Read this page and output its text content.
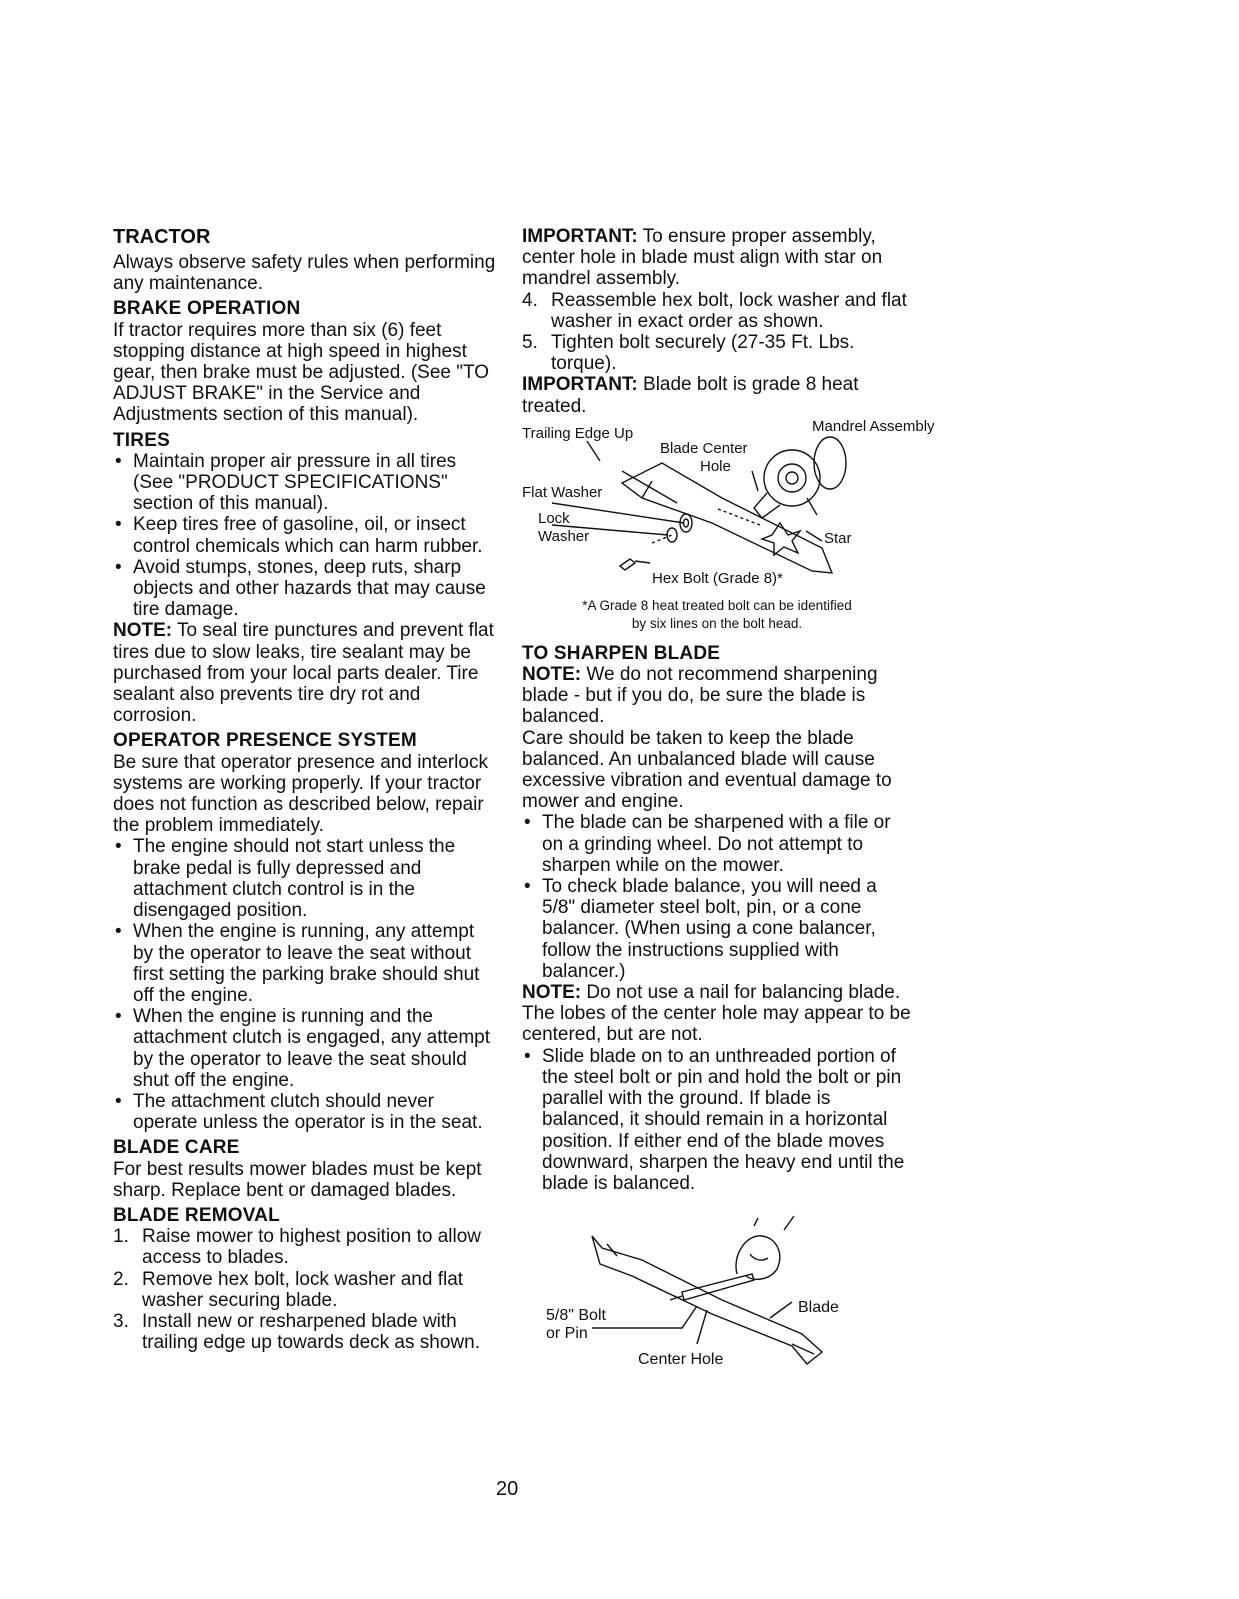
TRACTOR

Always observe safety rules when performing any maintenance.

BRAKE OPERATION

If tractor requires more than six (6) feet stopping distance at high speed in highest gear, then brake must be adjusted. (See "TO ADJUST BRAKE" in the Service and Adjustments section of this manual).

TIRES
• Maintain proper air pressure in all tires (See "PRODUCT SPECIFICATIONS" section of this manual).
• Keep tires free of gasoline, oil, or insect control chemicals which can harm rubber.
• Avoid stumps, stones, deep ruts, sharp objects and other hazards that may cause tire damage.

NOTE: To seal tire punctures and prevent flat tires due to slow leaks, tire sealant may be purchased from your local parts dealer. Tire sealant also prevents tire dry rot and corrosion.

OPERATOR PRESENCE SYSTEM

Be sure that operator presence and interlock systems are working properly. If your tractor does not function as described below, repair the problem immediately.

• The engine should not start unless the brake pedal is fully depressed and attachment clutch control is in the disengaged position.
• When the engine is running, any attempt by the operator to leave the seat without first setting the parking brake should shut off the engine.
• When the engine is running and the attachment clutch is engaged, any attempt by the operator to leave the seat should shut off the engine.
• The attachment clutch should never operate unless the operator is in the seat.
BLADE CARE

For best results mower blades must be kept sharp. Replace bent or damaged blades.

BLADE REMOVAL
1. Raise mower to highest position to allow access to blades.
2. Remove hex bolt, lock washer and flat washer securing blade.
3. Install new or resharpened blade with trailing edge up towards deck as shown.

IMPORTANT: To ensure proper assembly, center hole in blade must align with star on mandrel assembly.

4. Reassemble hex bolt, lock washer and flat washer in exact order as shown.
5. Tighten bolt securely (27-35 Ft. Lbs. torque).

IMPORTANT: Blade bolt is grade 8 heat treated.

Trailing Edge Up	Mandrel Assembly
Blade Center
Hole
Flat Washer
Lock
Washer	Star
Hex Bolt (Grade 8)*
*A Grade 8 heat treated bolt can be identified
by six lines on the bolt head.
TO SHARPEN BLADE

NOTE: We do not recommend sharpening blade - but if you do, be sure the blade is balanced.

Care should be taken to keep the blade balanced. An unbalanced blade will cause excessive vibration and eventual damage to mower and engine.

• The blade can be sharpened with a file or on a grinding wheel. Do not attempt to sharpen while on the mower.
• To check blade balance, you will need a 5/8" diameter steel bolt, pin, or a cone balancer. (When using a cone balancer, follow the instructions supplied with balancer.)

NOTE: Do not use a nail for balancing blade. The lobes of the center hole may appear to be centered, but are not.

• Slide blade on to an unthreaded portion of the steel bolt or pin and hold the bolt or pin parallel with the ground. If blade is balanced, it should remain in a horizontal position. If either end of the blade moves downward, sharpen the heavy end until the blade is balanced.
5/8" Bolt
or Pin
Blade
Center Hole
20
